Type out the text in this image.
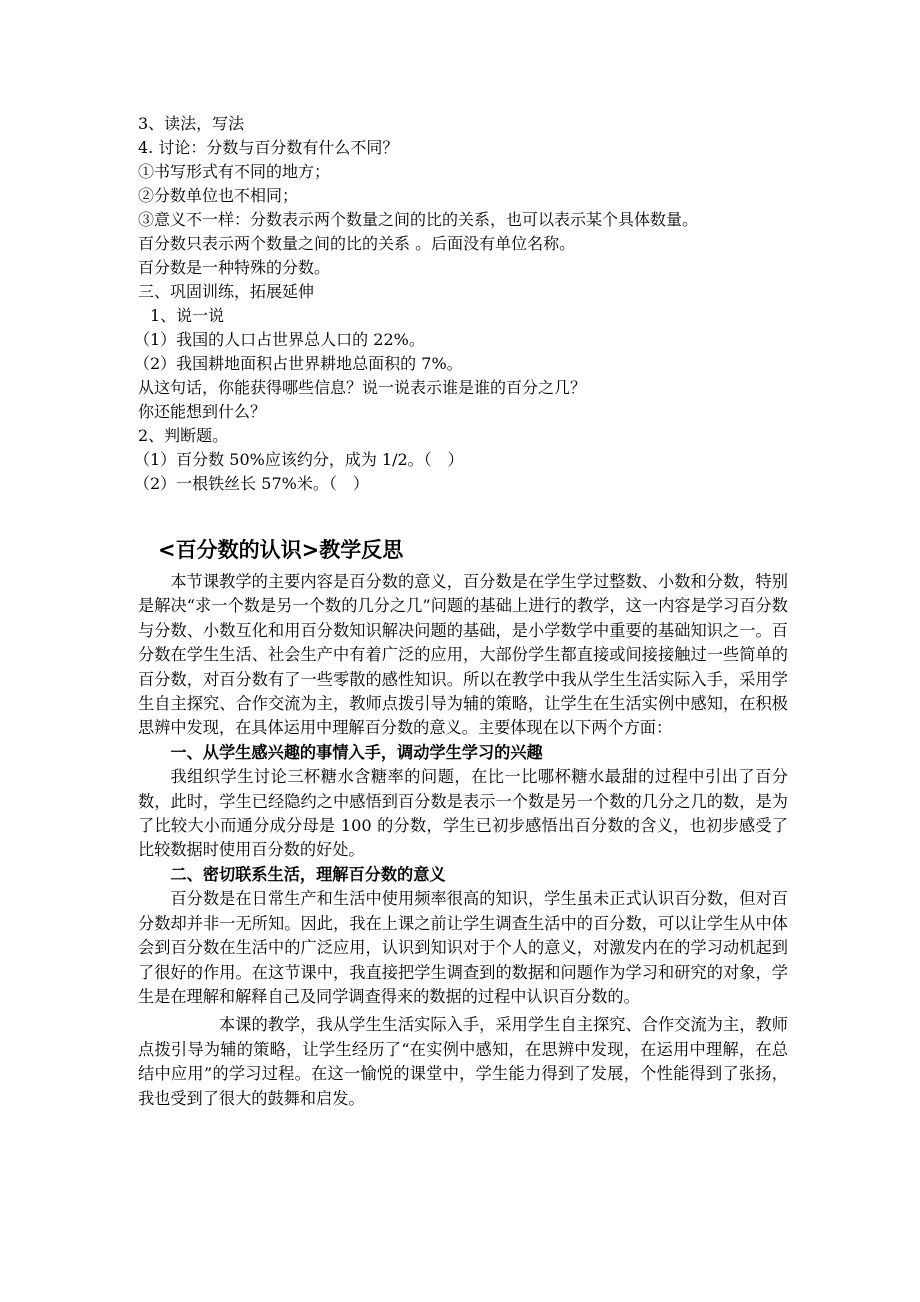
3、读法，写法
4. 讨论：分数与百分数有什么不同？
①书写形式有不同的地方；
②分数单位也不相同；
③意义不一样：分数表示两个数量之间的比的关系，也可以表示某个具体数量。
百分数只表示两个数量之间的比的关系 。后面没有单位名称。
百分数是一种特殊的分数。
三、巩固训练，拓展延伸
1、说一说
（1）我国的人口占世界总人口的 22%。
（2）我国耕地面积占世界耕地总面积的 7%。
从这句话，你能获得哪些信息？说一说表示谁是谁的百分之几？
你还能想到什么？
2、判断题。
（1）百分数 50%应该约分，成为 1/2。（　）
（2）一根铁丝长 57%米。（　）
<百分数的认识>教学反思

本节课教学的主要内容是百分数的意义，百分数是在学生学过整数、小数和分数，特别是解决“求一个数是另一个数的几分之几”问题的基础上进行的教学，这一内容是学习百分数与分数、小数互化和用百分数知识解决问题的基础，是小学数学中重要的基础知识之一。百分数在学生生活、社会生产中有着广泛的应用，大部份学生都直接或间接接触过一些简单的百分数，对百分数有了一些零散的感性知识。所以在教学中我从学生生活实际入手，采用学生自主探究、合作交流为主，教师点拨引导为辅的策略，让学生在生活实例中感知，在积极思辨中发现，在具体运用中理解百分数的意义。主要体现在以下两个方面：

一、从学生感兴趣的事情入手，调动学生学习的兴趣

我组织学生讨论三杯糖水含糖率的问题，在比一比哪杯糖水最甜的过程中引出了百分数，此时，学生已经隐约之中感悟到百分数是表示一个数是另一个数的几分之几的数，是为了比较大小而通分成分母是 100 的分数，学生已初步感悟出百分数的含义，也初步感受了比较数据时使用百分数的好处。

二、密切联系生活，理解百分数的意义

百分数是在日常生产和生活中使用频率很高的知识，学生虽未正式认识百分数，但对百分数却并非一无所知。因此，我在上课之前让学生调查生活中的百分数，可以让学生从中体会到百分数在生活中的广泛应用，认识到知识对于个人的意义，对激发内在的学习动机起到了很好的作用。在这节课中，我直接把学生调查到的数据和问题作为学习和研究的对象，学生是在理解和解释自己及同学调查得来的数据的过程中认识百分数的。

本课的教学，我从学生生活实际入手，采用学生自主探究、合作交流为主，教师点拨引导为辅的策略，让学生经历了“在实例中感知，在思辨中发现，在运用中理解，在总结中应用”的学习过程。在这一愉悦的课堂中，学生能力得到了发展，个性能得到了张扬，我也受到了很大的鼓舞和启发。
